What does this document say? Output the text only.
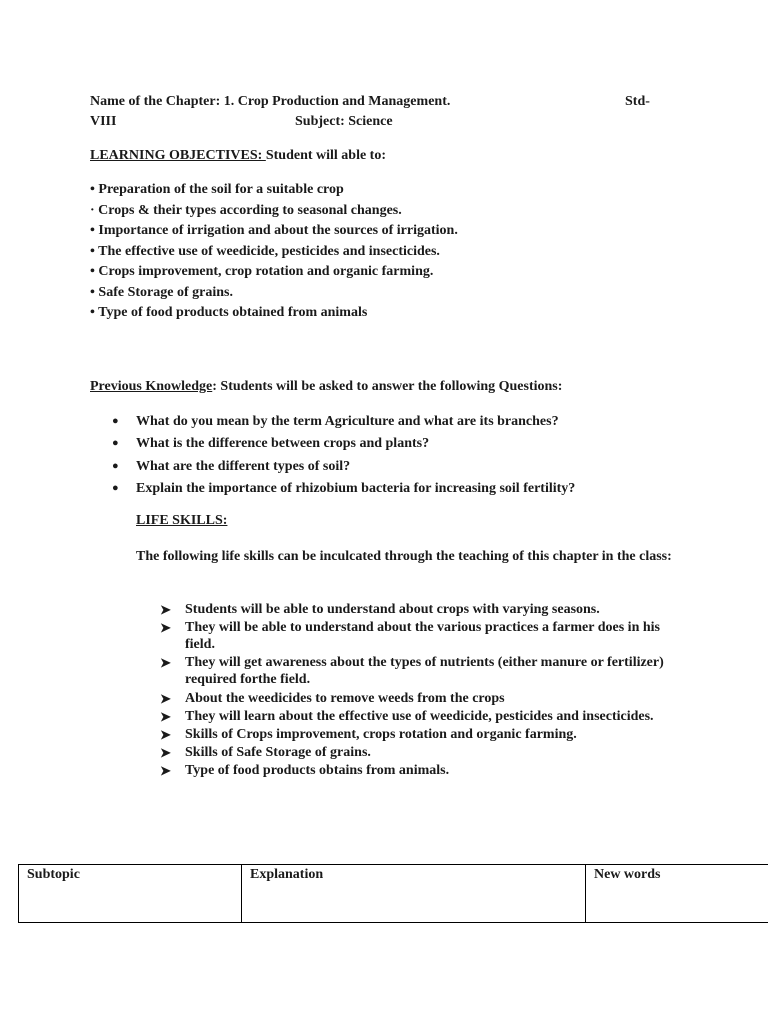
Name of the Chapter: 1. Crop Production and Management.	Std-
VIII	Subject: Science
LEARNING OBJECTIVES: Student will able to:
• Preparation of the soil for a suitable crop
· Crops & their types according to seasonal changes.
• Importance of irrigation and about the sources of irrigation.
• The effective use of weedicide, pesticides and insecticides.
• Crops improvement, crop rotation and organic farming.
• Safe Storage of grains.
• Type of food products obtained from animals
Previous Knowledge: Students will be asked to answer the following Questions:
●	What do you mean by the term Agriculture and what are its branches?
●	What is the difference between crops and plants?
●	What are the different types of soil?
●	Explain the importance of rhizobium bacteria for increasing soil fertility?
LIFE SKILLS:
The following life skills can be inculcated through the teaching of this chapter in the class:
➤	Students will be able to understand about crops with varying seasons.
➤	They will be able to understand about the various practices a farmer does in his field.
➤	They will get awareness about the types of nutrients (either manure or fertilizer) required forthe field.
➤	About the weedicides to remove weeds from the crops
➤	They will learn about the effective use of weedicide, pesticides and insecticides.
➤	Skills of Crops improvement, crops rotation and organic farming.
➤	Skills of Safe Storage of grains.
➤	Type of food products obtains from animals.
Subtopic	Explanation	New words
